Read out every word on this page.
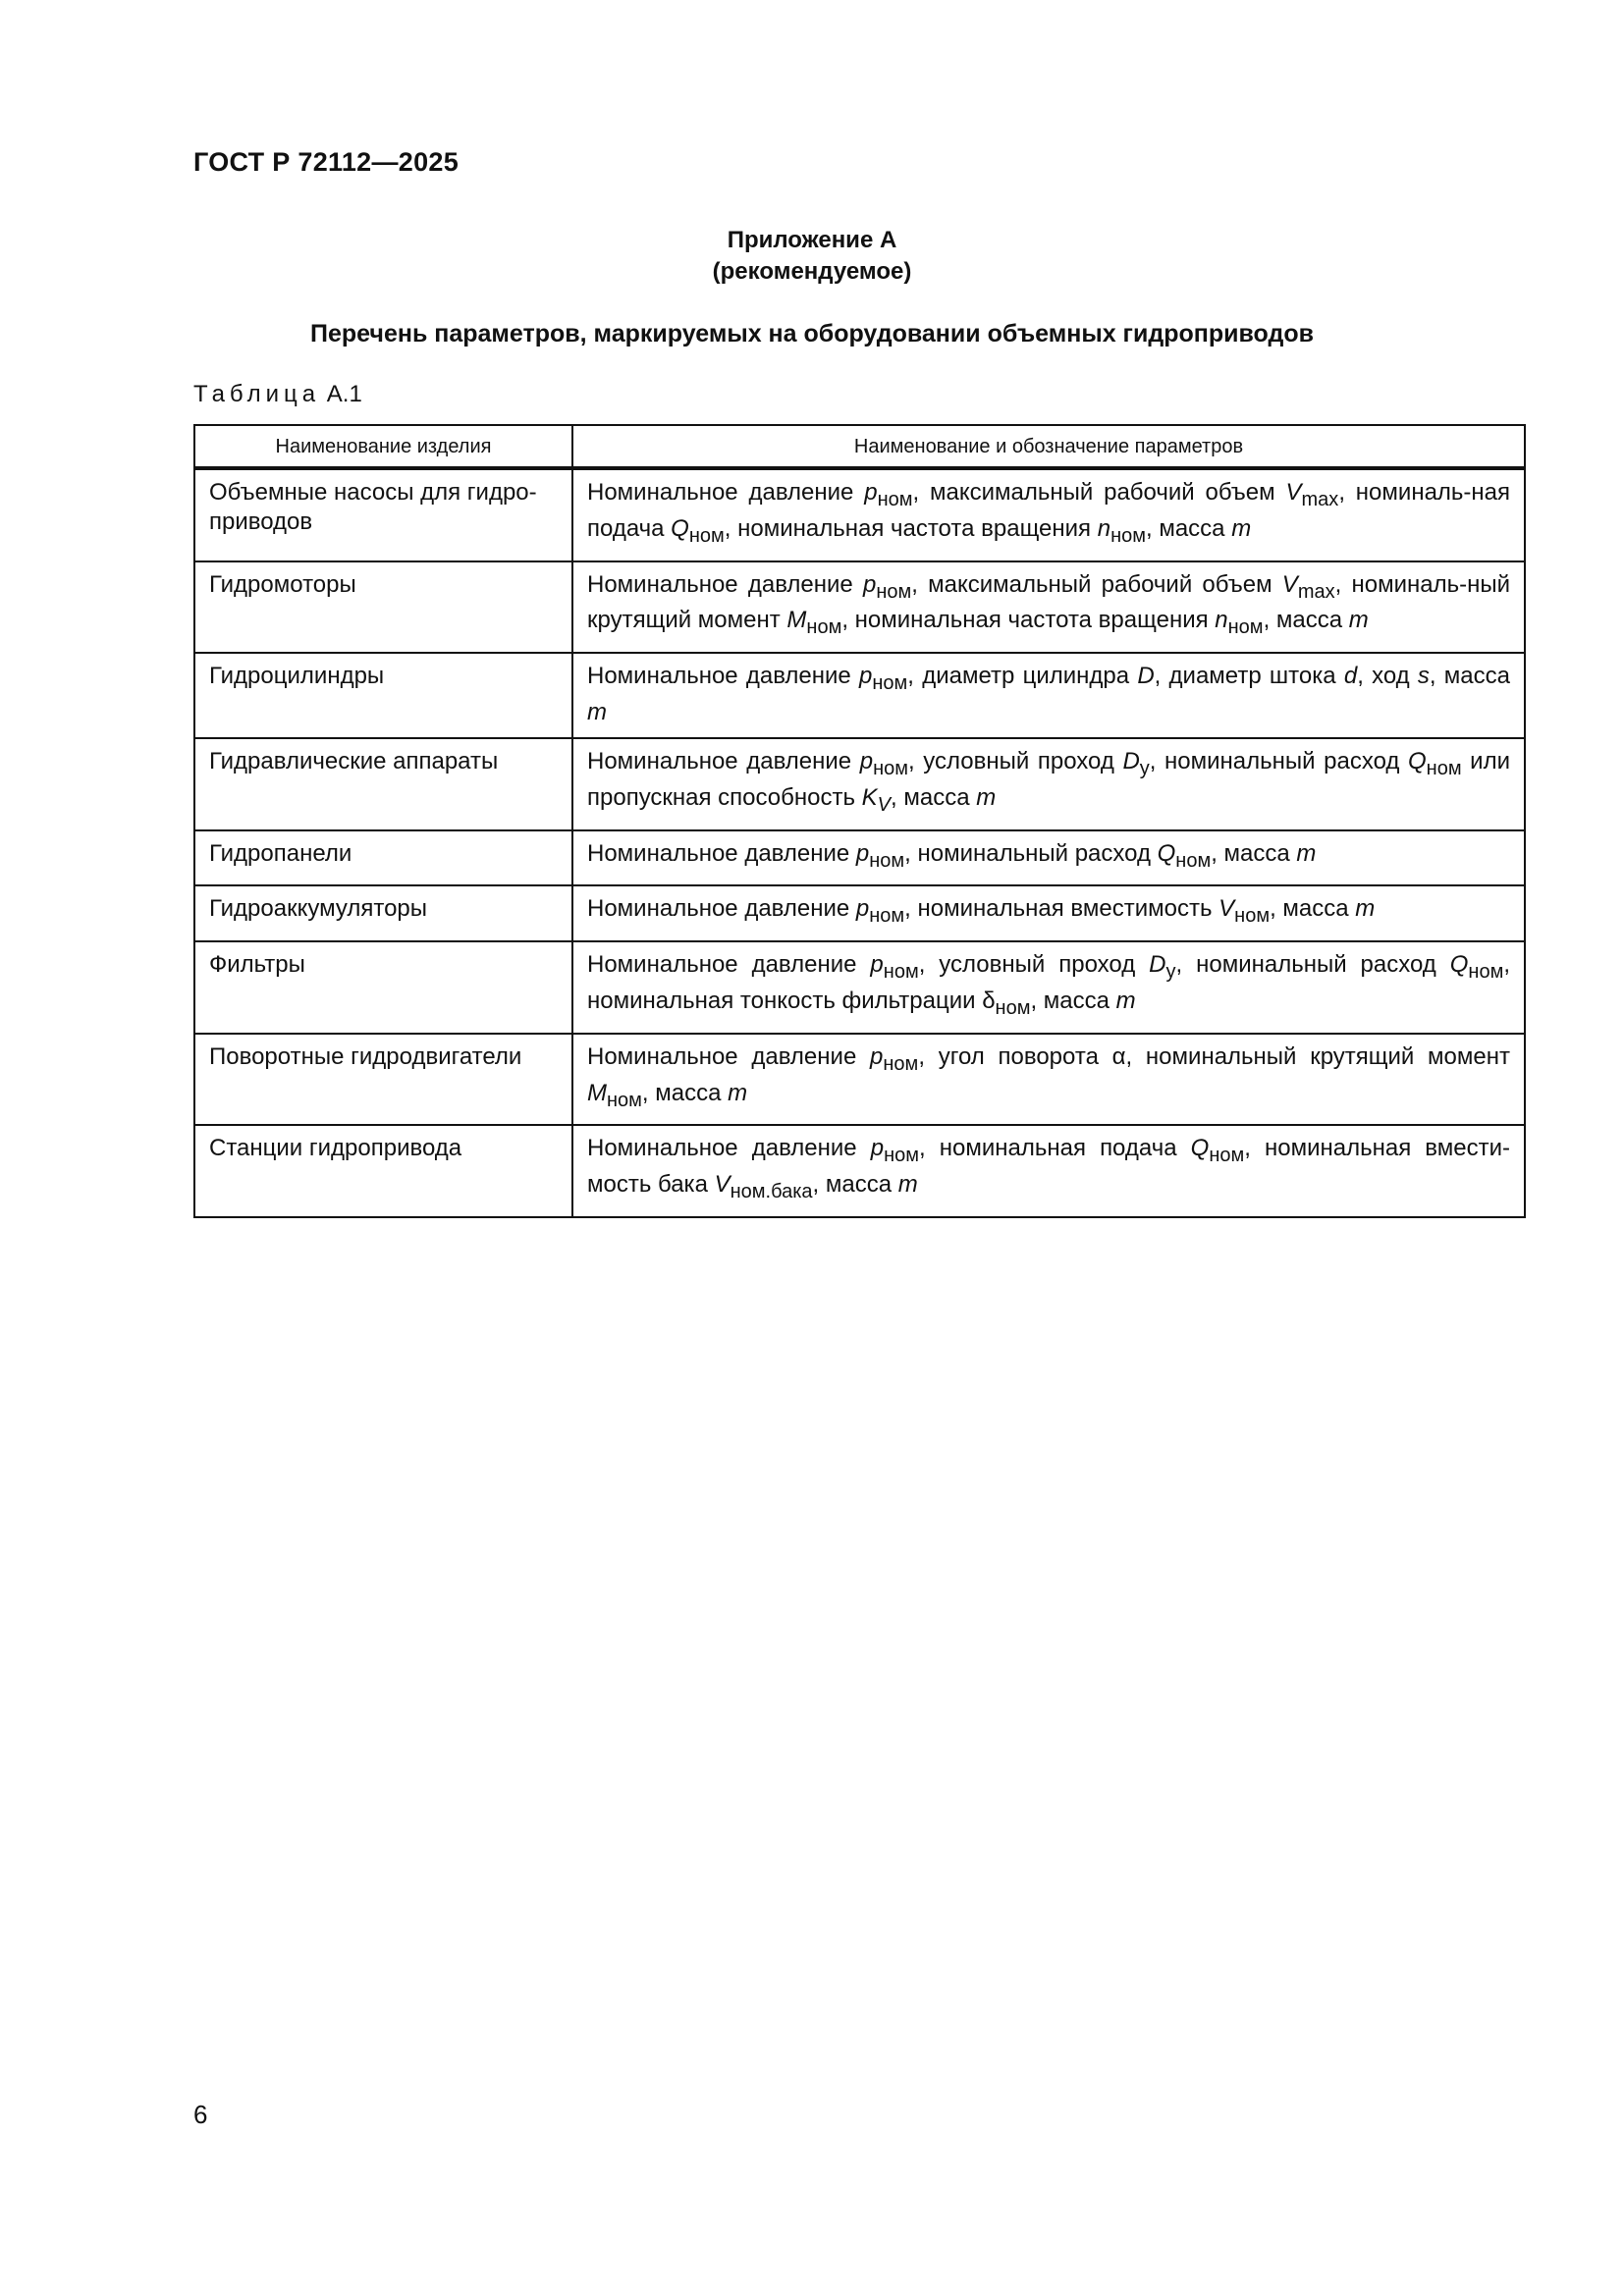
ГОСТ Р 72112—2025
Приложение А
(рекомендуемое)
Перечень параметров, маркируемых на оборудовании объемных гидроприводов
Таблица А.1
Наименование изделия	Наименование и обозначение параметров
Объемные насосы для гидро-приводов	Номинальное давление $p_{ном}$, максимальный рабочий объем $V_{max}$, номиналь-ная подача $Q_{ном}$, номинальная частота вращения $n_{ном}$, масса m
Гидромоторы	Номинальное давление $p_{ном}$, максимальный рабочий объем $V_{max}$, номиналь-ный крутящий момент $M_{ном}$, номинальная частота вращения $n_{ном}$, масса m
Гидроцилиндры	Номинальное давление $p_{ном}$, диаметр цилиндра D, диаметр штока d, ход s, масса m
Гидравлические аппараты	Номинальное давление $p_{ном}$, условный проход $D_у$, номинальный расход $Q_{ном}$ или пропускная способность $K_V$, масса m
Гидропанели	Номинальное давление $p_{ном}$, номинальный расход $Q_{ном}$, масса m
Гидроаккумуляторы	Номинальное давление $p_{ном}$, номинальная вместимость $V_{ном}$, масса m
Фильтры	Номинальное давление $p_{ном}$, условный проход $D_у$, номинальный расход $Q_{ном}$, номинальная тонкость фильтрации $\delta_{ном}$, масса m
Поворотные гидродвигатели	Номинальное давление $p_{ном}$, угол поворота α, номинальный крутящий момент $M_{ном}$, масса m
Станции гидропривода	Номинальное давление $p_{ном}$, номинальная подача $Q_{ном}$, номинальная вмести-мость бака $V_{ном.бака}$, масса m
6
